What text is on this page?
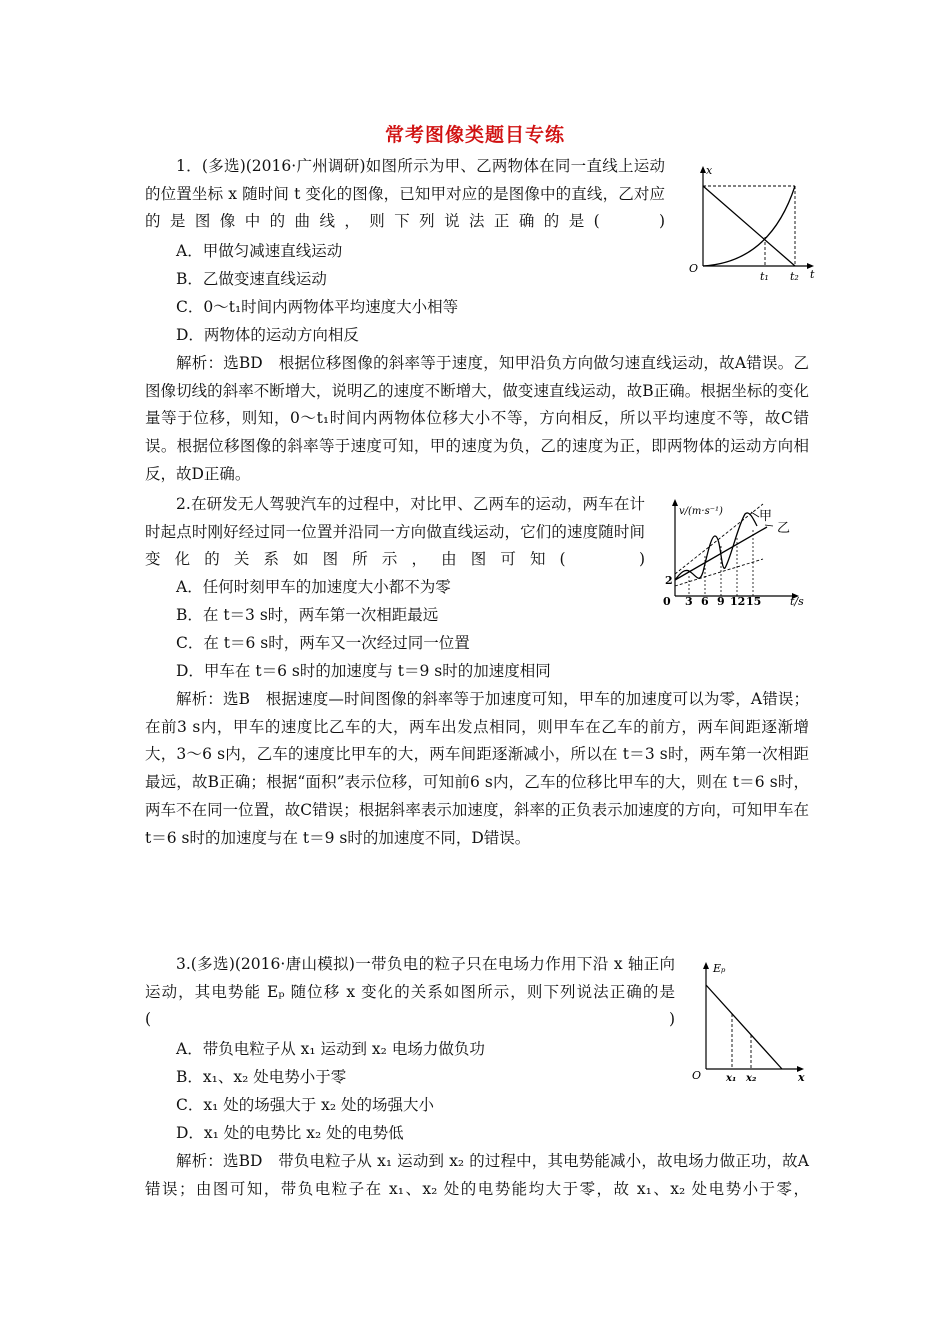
常考图像类题目专练

1．(多选)(2016·广州调研)如图所示为甲、乙两物体在同一直线上运动的位置坐标 x 随时间 t 变化的图像，已知甲对应的是图像中的直线，乙对应的是图像中的曲线，则下列说法正确的是(　　)

A．甲做匀减速直线运动
B．乙做变速直线运动
C．0～t₁时间内两物体平均速度大小相等
D．两物体的运动方向相反

解析：选BD　根据位移图像的斜率等于速度，知甲沿负方向做匀速直线运动，故A错误。乙图像切线的斜率不断增大，说明乙的速度不断增大，做变速直线运动，故B正确。根据坐标的变化量等于位移，则知，0～t₁时间内两物体位移大小不等，方向相反，所以平均速度不等，故C错误。根据位移图像的斜率等于速度可知，甲的速度为负，乙的速度为正，即两物体的运动方向相反，故D正确。

x
O	t
t₁ t₂

2.在研发无人驾驶汽车的过程中，对比甲、乙两车的运动，两车在计时起点时刚好经过同一位置并沿同一方向做直线运动，它们的速度随时间变化的关系如图所示，由图可知(　　)

A．任何时刻甲车的加速度大小都不为零
B．在 t＝3 s时，两车第一次相距最远
C．在 t＝6 s时，两车又一次经过同一位置
D．甲车在 t＝6 s时的加速度与 t＝9 s时的加速度相同

解析：选B　根据速度—时间图像的斜率等于加速度可知，甲车的加速度可以为零，A错误；在前3 s内，甲车的速度比乙车的大，两车出发点相同，则甲车在乙车的前方，两车间距逐渐增大，3～6 s内，乙车的速度比甲车的大，两车间距逐渐减小，所以在 t＝3 s时，两车第一次相距最远，故B正确；根据“面积”表示位移，可知前6 s内，乙车的位移比甲车的大，则在 t＝6 s时，两车不在同一位置，故C错误；根据斜率表示加速度，斜率的正负表示加速度的方向，可知甲车在 t＝6 s时的加速度与在 t＝9 s时的加速度不同，D错误。

v/(m·s⁻¹)	甲
乙
2
0 3 6 9 12 15	t/s

3.(多选)(2016·唐山模拟)一带负电的粒子只在电场力作用下沿 x 轴正向运动，其电势能 Eₚ 随位移 x 变化的关系如图所示，则下列说法正确的是(　　)

A．带负电粒子从 x₁ 运动到 x₂ 电场力做负功
B．x₁、x₂ 处电势小于零
C．x₁ 处的场强大于 x₂ 处的场强大小
D．x₁ 处的电势比 x₂ 处的电势低

解析：选BD　带负电粒子从 x₁ 运动到 x₂ 的过程中，其电势能减小，故电场力做正功，故A错误；由图可知，带负电粒子在 x₁、x₂ 处的电势能均大于零，故 x₁、x₂ 处电势小于零，

Eₚ
O x₁ x₂	x
